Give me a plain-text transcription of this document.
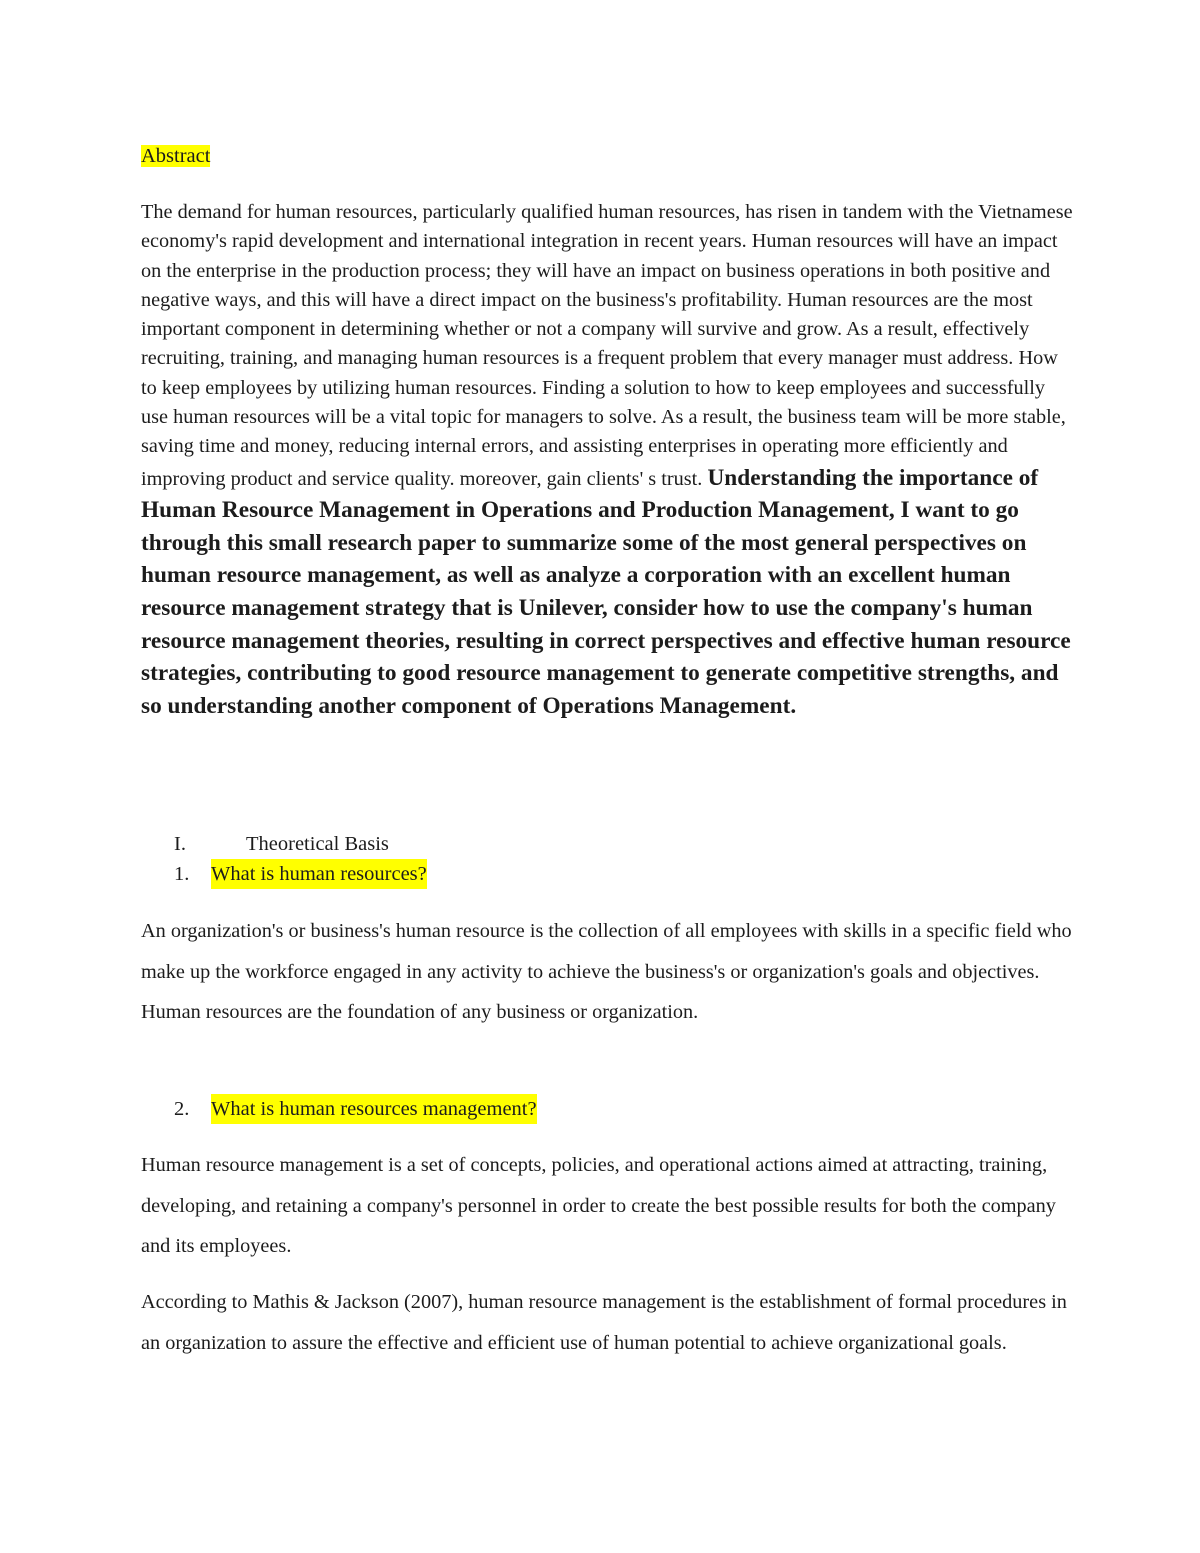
Abstract

The demand for human resources, particularly qualified human resources, has risen in tandem with the Vietnamese economy's rapid development and international integration in recent years. Human resources will have an impact on the enterprise in the production process; they will have an impact on business operations in both positive and negative ways, and this will have a direct impact on the business's profitability. Human resources are the most important component in determining whether or not a company will survive and grow. As a result, effectively recruiting, training, and managing human resources is a frequent problem that every manager must address. How to keep employees by utilizing human resources. Finding a solution to how to keep employees and successfully use human resources will be a vital topic for managers to solve. As a result, the business team will be more stable, saving time and money, reducing internal errors, and assisting enterprises in operating more efficiently and improving product and service quality. moreover, gain clients' s trust. Understanding the importance of Human Resource Management in Operations and Production Management, I want to go through this small research paper to summarize some of the most general perspectives on human resource management, as well as analyze a corporation with an excellent human resource management strategy that is Unilever, consider how to use the company's human resource management theories, resulting in correct perspectives and effective human resource strategies, contributing to good resource management to generate competitive strengths, and so understanding another component of Operations Management.

I.	Theoretical Basis
1. What is human resources?

An organization's or business's human resource is the collection of all employees with skills in a specific field who make up the workforce engaged in any activity to achieve the business's or organization's goals and objectives. Human resources are the foundation of any business or organization.

2. What is human resources management?

Human resource management is a set of concepts, policies, and operational actions aimed at attracting, training, developing, and retaining a company's personnel in order to create the best possible results for both the company and its employees.

According to Mathis & Jackson (2007), human resource management is the establishment of formal procedures in an organization to assure the effective and efficient use of human potential to achieve organizational goals.
